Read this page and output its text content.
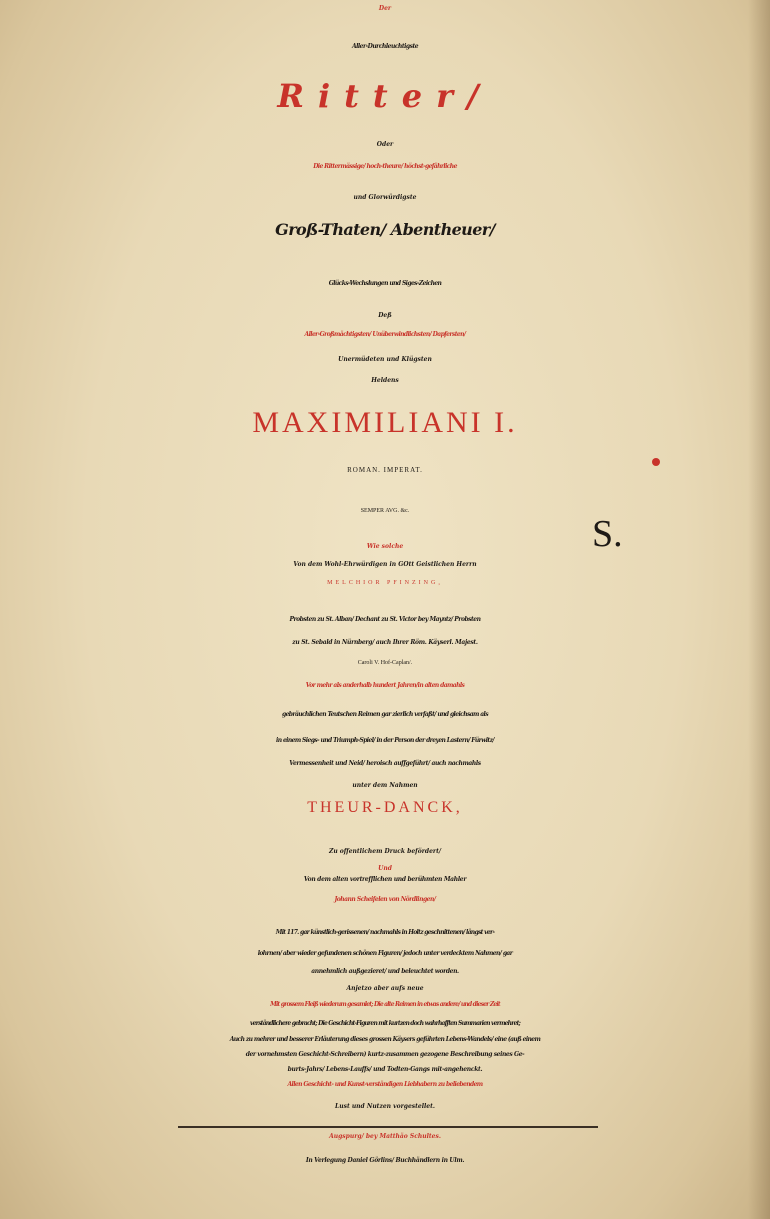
Der
Aller-Durchleuchtigste
Ritter/
Oder
Die Rittermässige/ hoch-theure/ höchst-gefährliche
und Glorwürdigste
Groß-Thaten/ Abentheuer/
Glücks-Wechslungen und Siges-Zeichen
Deß
Aller-Großmächtigsten/ Unüberwindlichsten/ Dapfersten/
Unermüdeten und Klügsten
Heldens
MAXIMILIANI I.
ROMAN. IMPERAT.
SEMPER AVG. &c.
S.
Wie solche
Von dem Wohl-Ehrwürdigen in GOtt Geistlichen Herrn
MELCHIOR PFINZING,
Probsten zu St. Alban/ Dechant zu St. Victor bey Mayntz/ Probsten
zu St. Sebald in Nürnberg/ auch Ihrer Röm. Käyserl. Majest.
Caroli V. Hof-Caplan/.
Vor mehr als anderhalb hundert Jahren/in alten damahls
gebräuchlichen Teutschen Reimen gar zierlich verfaßt/ und gleichsam als
in einem Siegs- und Triumph-Spiel/ in der Person der dreyen Lastern/ Fürwitz/
Vermessenheit und Neid/ heroisch auffgeführt/ auch nachmahls
unter dem Nahmen
THEUR-DANCK,
Zu offentlichem Druck befördert/
Und
Von dem alten vortrefflichen und berühmten Mahler
Johann Scheifelen von Nördlingen/
Mit 117. gar künstlich-gerissenen/ nachmahls in Holtz geschnittenen/ längst ver-
lohrnen/ aber wieder gefundenen schönen Figuren/ jedoch unter verdecktem Nahmen/ gar
annehmlich außgezieret/ und beleuchtet worden.
Anjetzo aber aufs neue
Mit grossem Fleiß wiederum gesamlet; Die alte Reimen in etwas andere/ und dieser Zeit
verständlichere gebracht; Die Geschicht-Figuren mit kurtzen doch wahrhafften Summarien vermehret;
Auch zu mehrer und besserer Erläuterung dieses grossen Käysers geführten Lebens-Wandels/ eine (auß einem
der vornehmsten Geschicht-Schreibern) kurtz-zusammen gezogene Beschreibung seines Ge-
burts-Jahrs/ Lebens-Lauffs/ und Todten-Gangs mit-angehenckt.
Allen Geschicht- und Kunst-verständigen Liebhabern zu beliebendem
Lust und Nutzen vorgestellet.
Augspurg/ bey Matthäo Schultes.
In Verlegung Daniel Görlins/ Buchhändlern in Ulm.
